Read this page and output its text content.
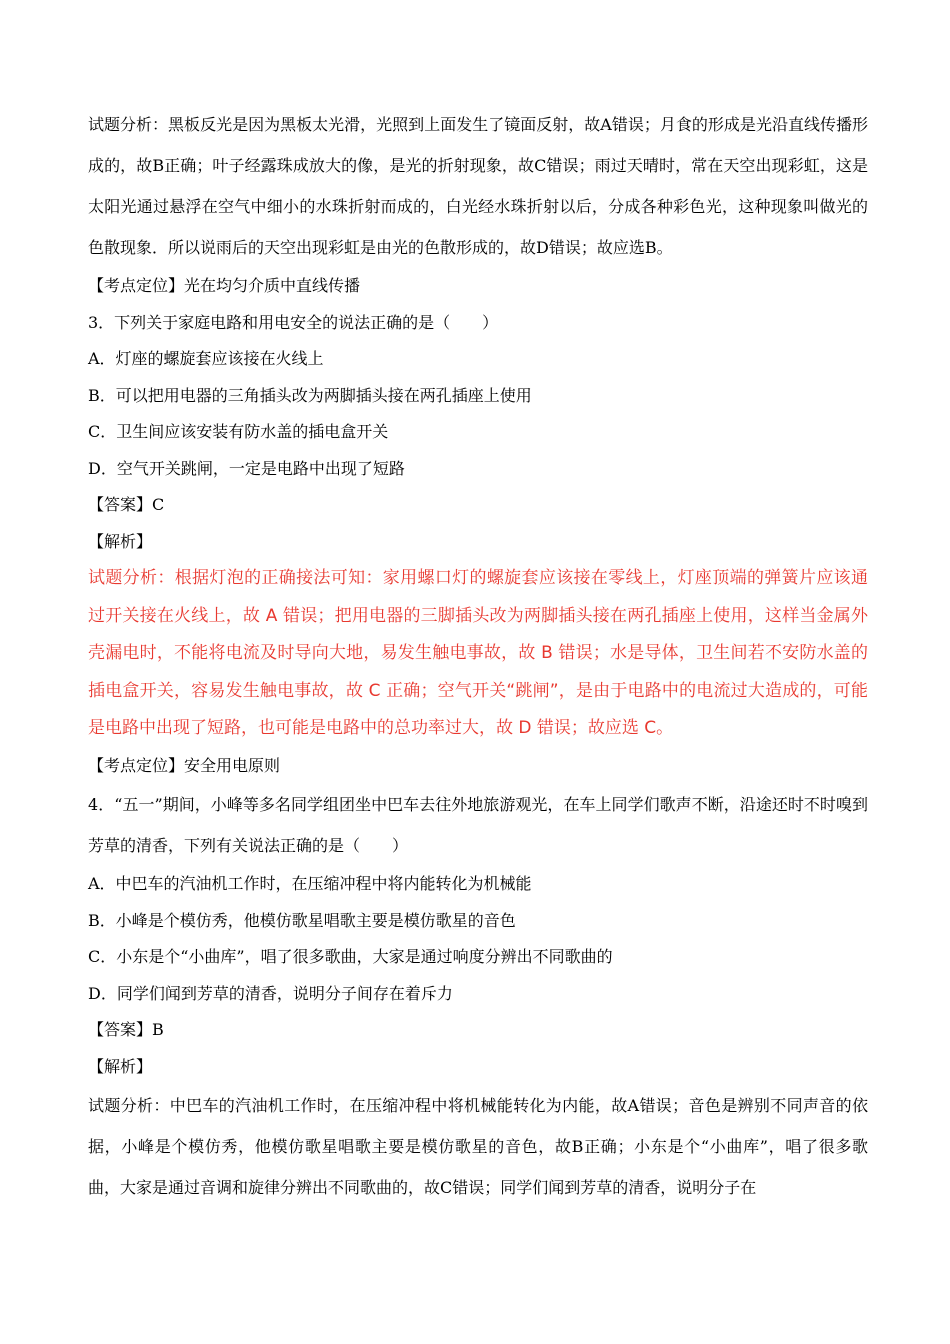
试题分析：黑板反光是因为黑板太光滑，光照到上面发生了镜面反射，故A错误；月食的形成是光沿直线传播形成的，故B正确；叶子经露珠成放大的像，是光的折射现象，故C错误；雨过天晴时，常在天空出现彩虹，这是太阳光通过悬浮在空气中细小的水珠折射而成的，白光经水珠折射以后，分成各种彩色光，这种现象叫做光的色散现象．所以说雨后的天空出现彩虹是由光的色散形成的，故D错误；故应选B。

【考点定位】光在均匀介质中直线传播

3．下列关于家庭电路和用电安全的说法正确的是（　　）

A．灯座的螺旋套应该接在火线上

B．可以把用电器的三角插头改为两脚插头接在两孔插座上使用

C．卫生间应该安装有防水盖的插电盒开关

D．空气开关跳闸，一定是电路中出现了短路

【答案】C

【解析】

试题分析：根据灯泡的正确接法可知：家用螺口灯的螺旋套应该接在零线上，灯座顶端的弹簧片应该通过开关接在火线上，故 A 错误；把用电器的三脚插头改为两脚插头接在两孔插座上使用，这样当金属外壳漏电时，不能将电流及时导向大地，易发生触电事故，故 B 错误；水是导体，卫生间若不安防水盖的插电盒开关，容易发生触电事故，故 C 正确；空气开关“跳闸”，是由于电路中的电流过大造成的，可能是电路中出现了短路，也可能是电路中的总功率过大，故 D 错误；故应选 C。

【考点定位】安全用电原则

4．“五一”期间，小峰等多名同学组团坐中巴车去往外地旅游观光，在车上同学们歌声不断，沿途还时不时嗅到芳草的清香，下列有关说法正确的是（　　）

A．中巴车的汽油机工作时，在压缩冲程中将内能转化为机械能

B．小峰是个模仿秀，他模仿歌星唱歌主要是模仿歌星的音色

C．小东是个“小曲库”，唱了很多歌曲，大家是通过响度分辨出不同歌曲的

D．同学们闻到芳草的清香，说明分子间存在着斥力

【答案】B

【解析】

试题分析：中巴车的汽油机工作时，在压缩冲程中将机械能转化为内能，故A错误；音色是辨别不同声音的依据，小峰是个模仿秀，他模仿歌星唱歌主要是模仿歌星的音色，故B正确；小东是个“小曲库”，唱了很多歌曲，大家是通过音调和旋律分辨出不同歌曲的，故C错误；同学们闻到芳草的清香，说明分子在
